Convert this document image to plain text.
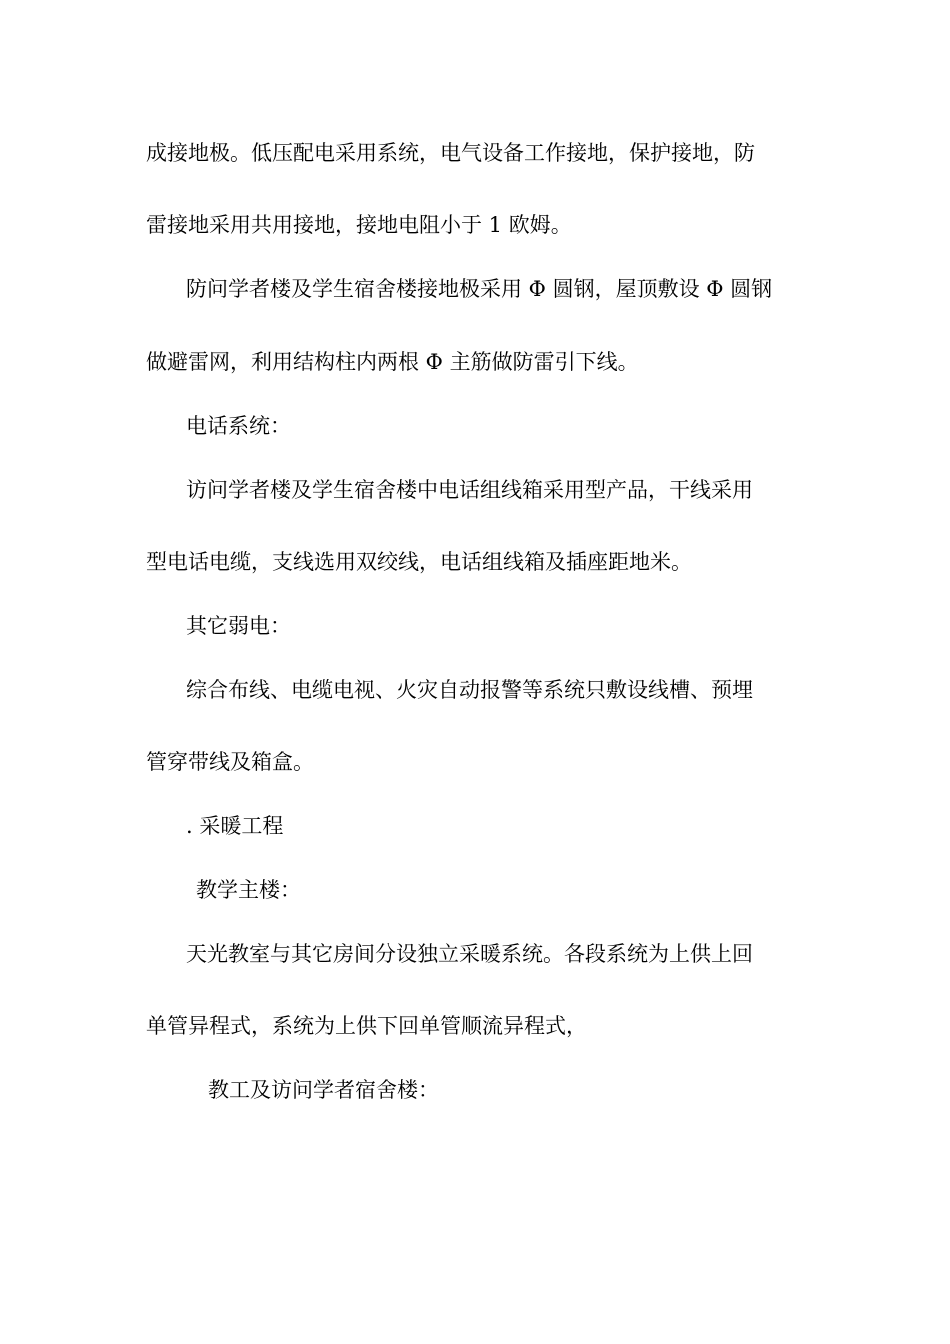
成接地极。低压配电采用系统，电气设备工作接地，保护接地，防
雷接地采用共用接地，接地电阻小于 1 欧姆。
防问学者楼及学生宿舍楼接地极采用 Φ 圆钢，屋顶敷设 Φ 圆钢
做避雷网，利用结构柱内两根 Φ 主筋做防雷引下线。
电话系统：
访问学者楼及学生宿舍楼中电话组线箱采用型产品，干线采用
型电话电缆，支线选用双绞线，电话组线箱及插座距地米。
其它弱电：
综合布线、电缆电视、火灾自动报警等系统只敷设线槽、预埋
管穿带线及箱盒。
. 采暖工程
教学主楼：
天光教室与其它房间分设独立采暖系统。各段系统为上供上回
单管异程式，系统为上供下回单管顺流异程式，
教工及访问学者宿舍楼：
